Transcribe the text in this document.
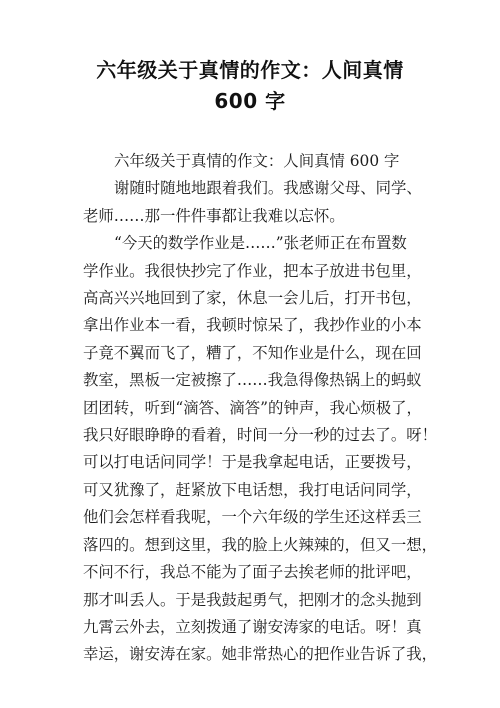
六年级关于真情的作文：人间真情
600 字

六年级关于真情的作文：人间真情 600 字

谢随时随地地跟着我们。我感谢父母、同学、

老师……那一件件事都让我难以忘怀。

“今天的数学作业是……”张老师正在布置数

学作业。我很快抄完了作业，把本子放进书包里，

高高兴兴地回到了家，休息一会儿后，打开书包，

拿出作业本一看，我顿时惊呆了，我抄作业的小本

子竟不翼而飞了，糟了，不知作业是什么，现在回

教室，黑板一定被擦了……我急得像热锅上的蚂蚁

团团转，听到“滴答、滴答”的钟声，我心烦极了，

我只好眼睁睁的看着，时间一分一秒的过去了。呀！

可以打电话问同学！于是我拿起电话，正要拨号，

可又犹豫了，赶紧放下电话想，我打电话问同学，

他们会怎样看我呢，一个六年级的学生还这样丢三

落四的。想到这里，我的脸上火辣辣的，但又一想，

不问不行，我总不能为了面子去挨老师的批评吧，

那才叫丢人。于是我鼓起勇气，把刚才的念头抛到

九霄云外去，立刻拨通了谢安涛家的电话。呀！真

幸运，谢安涛在家。她非常热心的把作业告诉了我，
